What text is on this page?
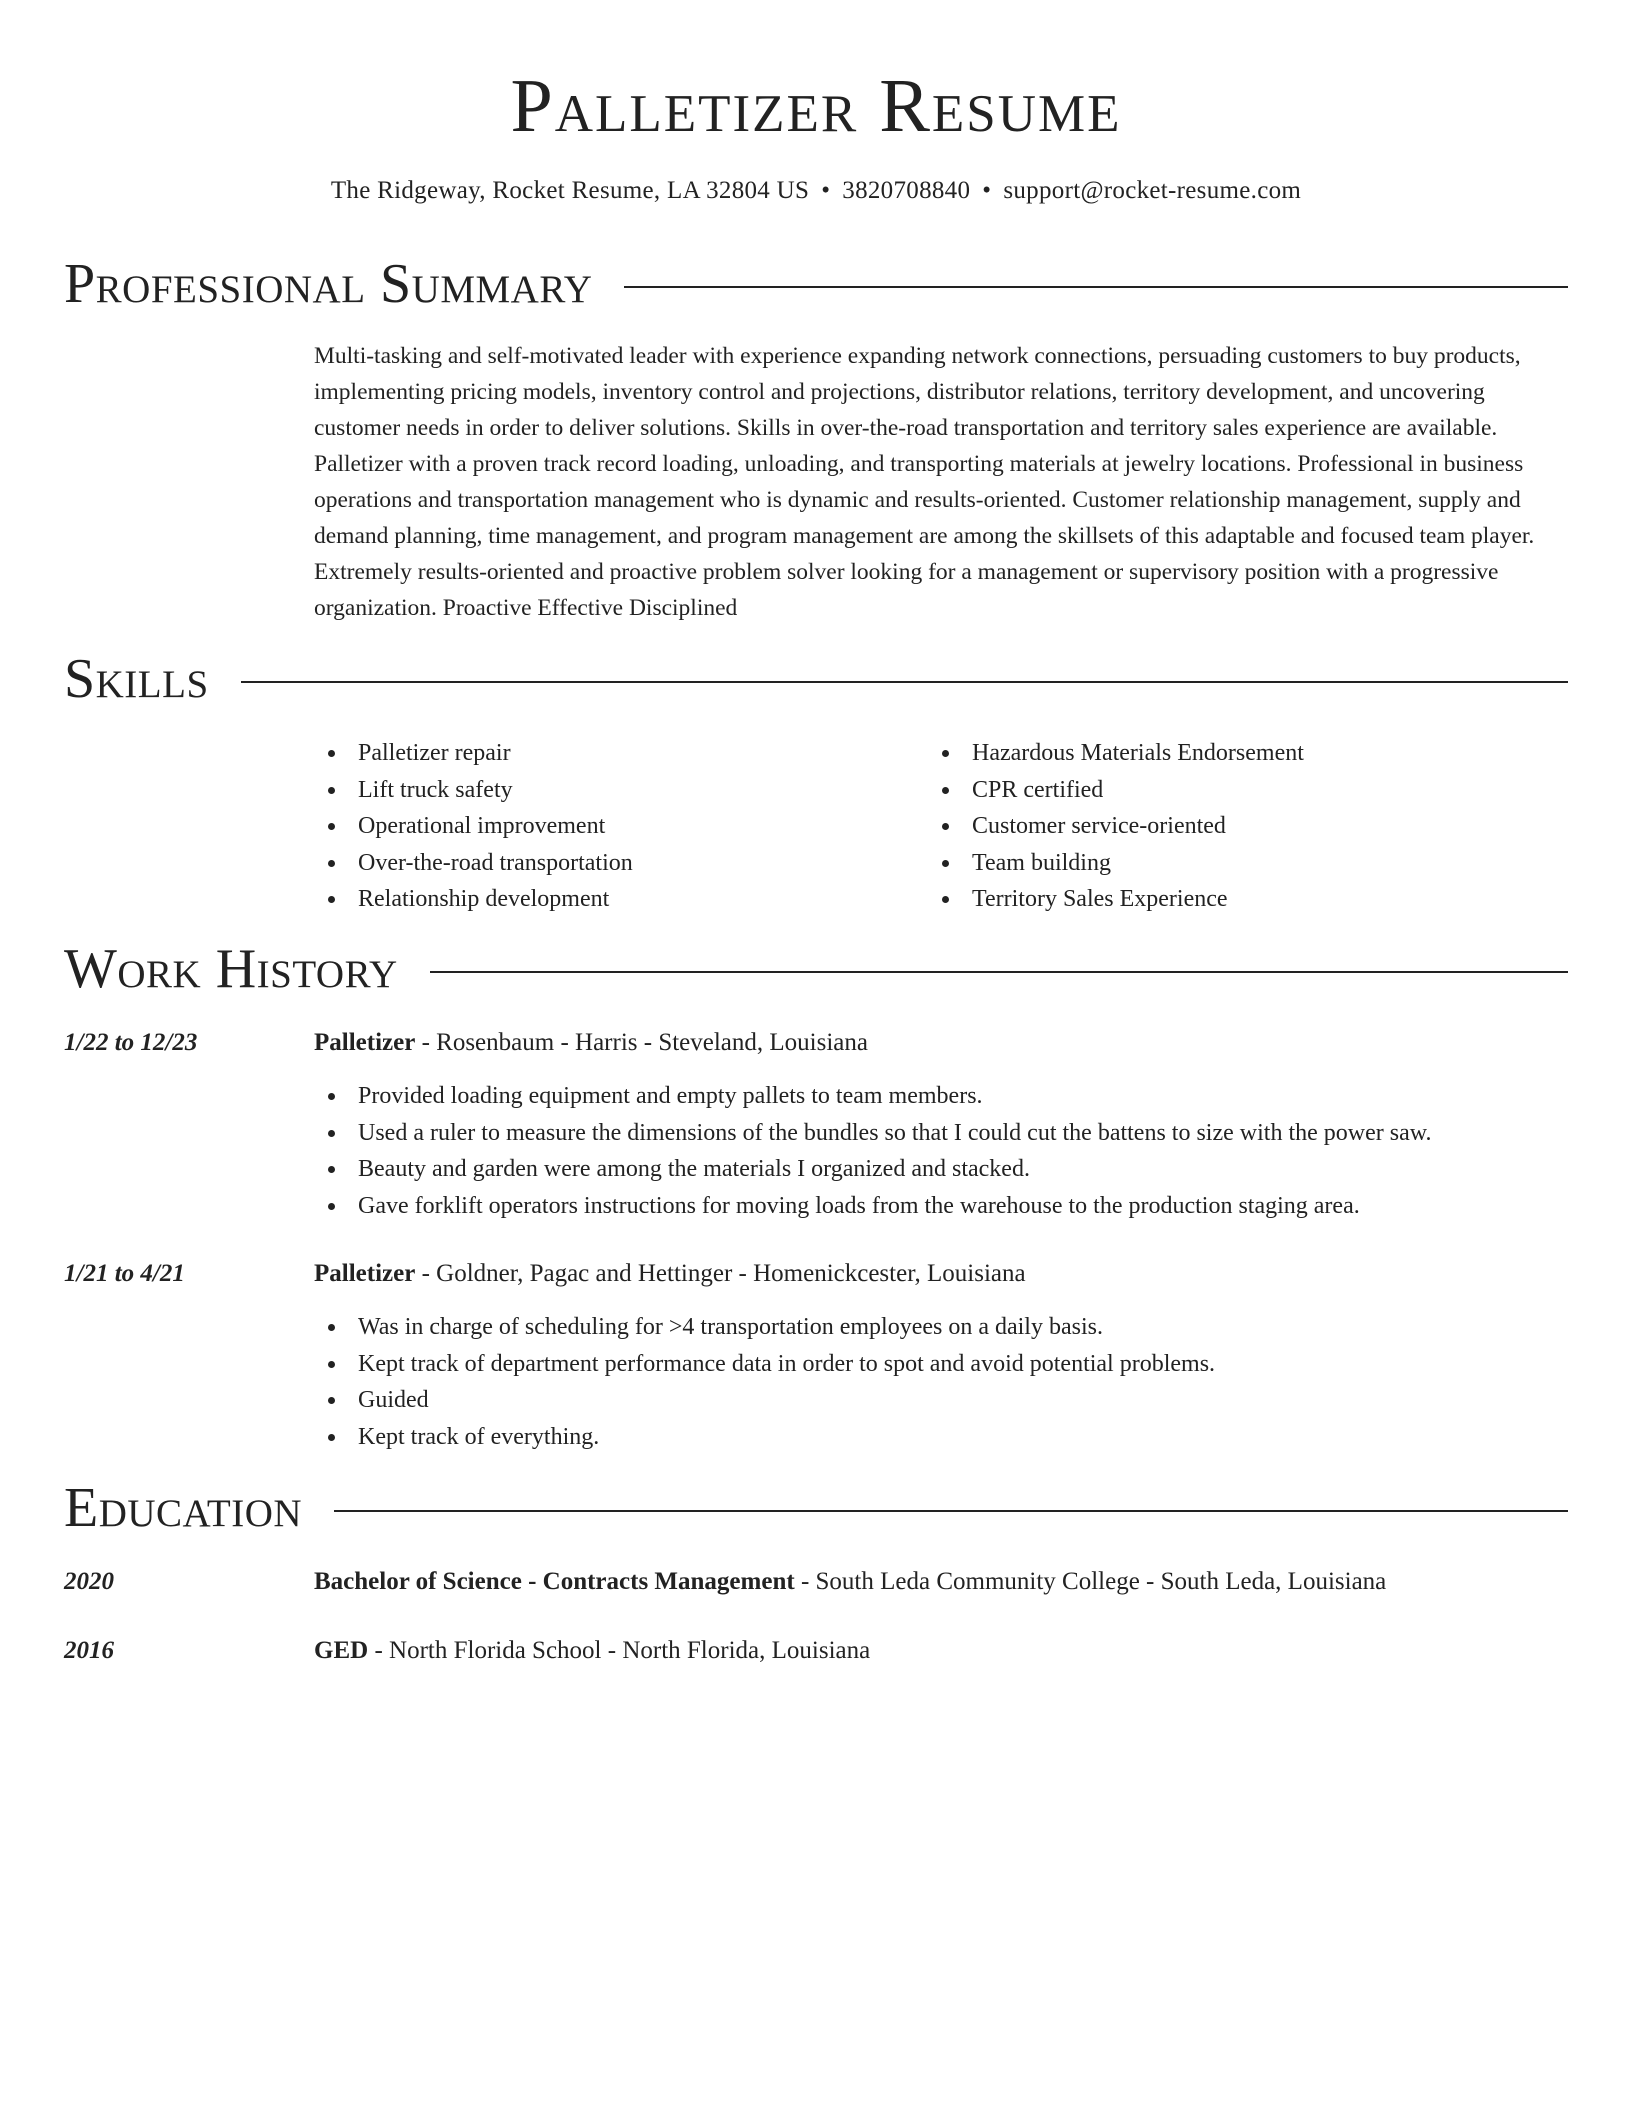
Palletizer Resume
The Ridgeway, Rocket Resume, LA 32804 US • 3820708840 • support@rocket-resume.com
Professional Summary

Multi-tasking and self-motivated leader with experience expanding network connections, persuading customers to buy products, implementing pricing models, inventory control and projections, distributor relations, territory development, and uncovering customer needs in order to deliver solutions. Skills in over-the-road transportation and territory sales experience are available. Palletizer with a proven track record loading, unloading, and transporting materials at jewelry locations. Professional in business operations and transportation management who is dynamic and results-oriented. Customer relationship management, supply and demand planning, time management, and program management are among the skillsets of this adaptable and focused team player. Extremely results-oriented and proactive problem solver looking for a management or supervisory position with a progressive organization. Proactive Effective Disciplined

Skills
Palletizer repair
Lift truck safety
Operational improvement
Over-the-road transportation
Relationship development
Hazardous Materials Endorsement
CPR certified
Customer service-oriented
Team building
Territory Sales Experience
Work History
1/22 to 12/23	Palletizer - Rosenbaum - Harris - Steveland, Louisiana
Provided loading equipment and empty pallets to team members.
Used a ruler to measure the dimensions of the bundles so that I could cut the battens to size with the power saw.
Beauty and garden were among the materials I organized and stacked.
Gave forklift operators instructions for moving loads from the warehouse to the production staging area.
1/21 to 4/21	Palletizer - Goldner, Pagac and Hettinger - Homenickcester, Louisiana
Was in charge of scheduling for >4 transportation employees on a daily basis.
Kept track of department performance data in order to spot and avoid potential problems.
Guided
Kept track of everything.
Education
2020	Bachelor of Science - Contracts Management - South Leda Community College - South Leda, Louisiana
2016	GED - North Florida School - North Florida, Louisiana
